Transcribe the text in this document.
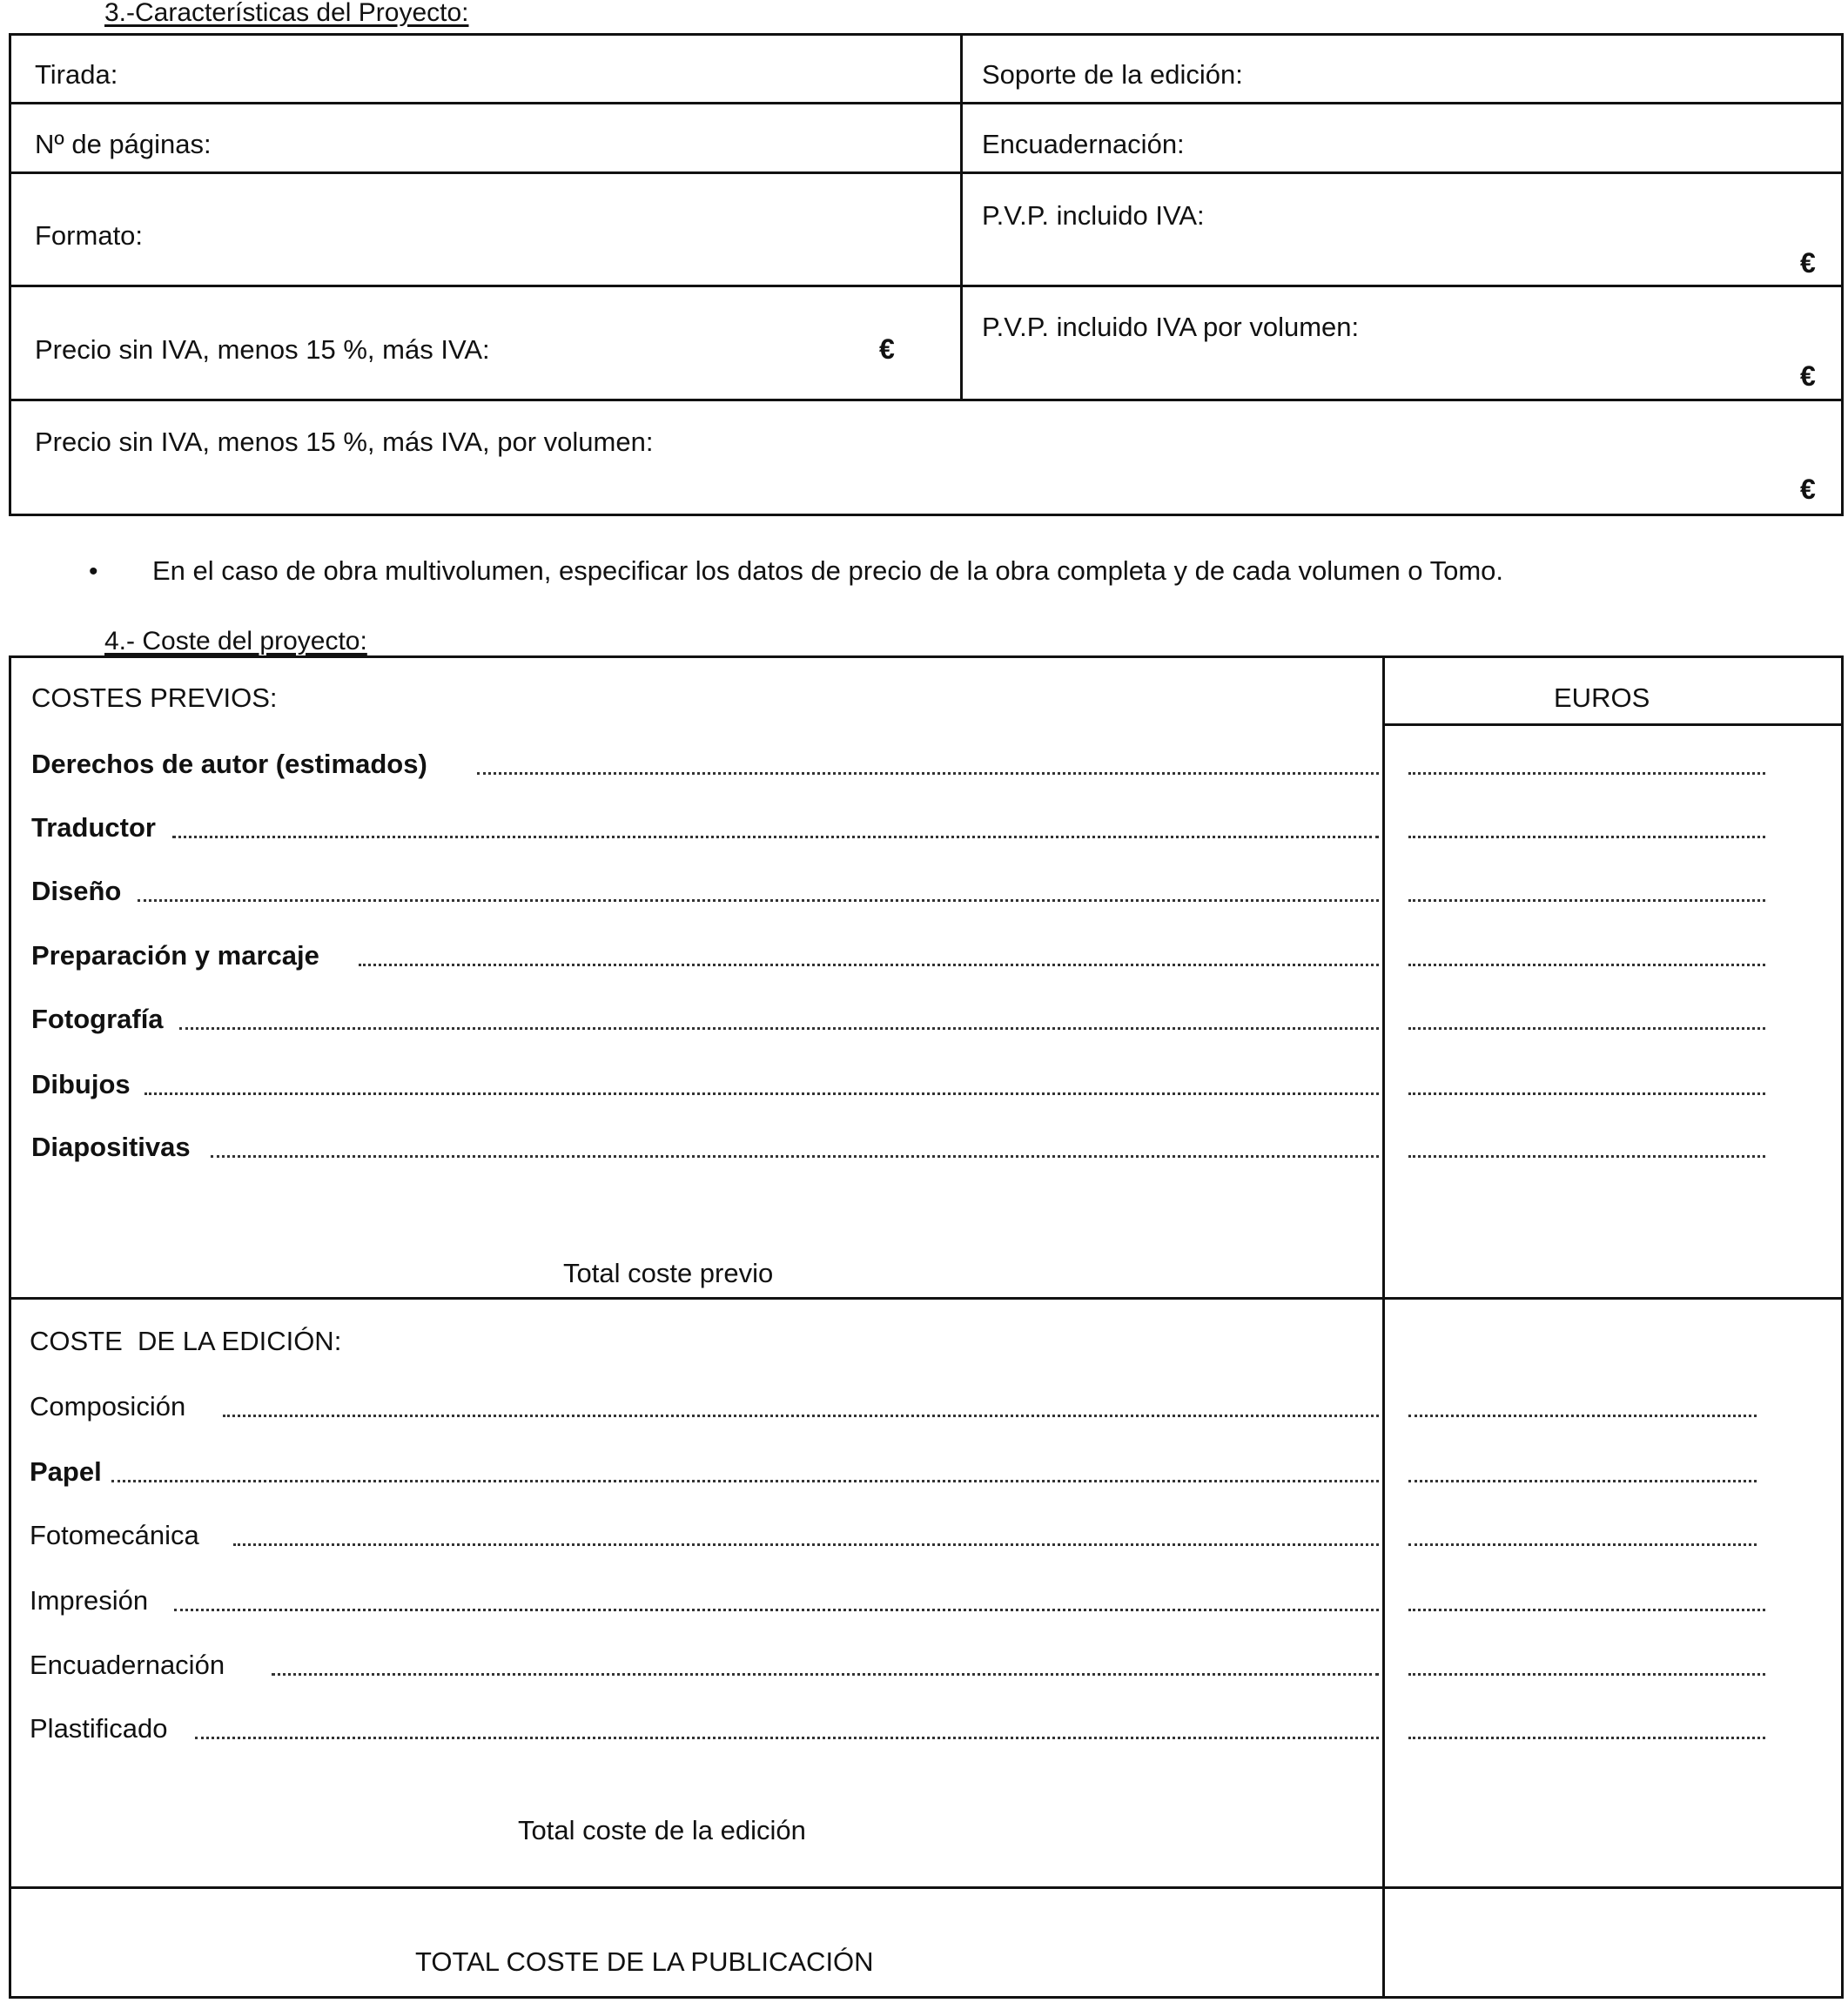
3.-Características del Proyecto:
Tirada:
Nº de páginas:
Formato:
Precio sin IVA, menos 15 %, más IVA:	€
Soporte de la edición:
Encuadernación:
P.V.P. incluido IVA:
€
P.V.P. incluido IVA por volumen:
€
Precio sin IVA, menos 15 %, más IVA, por volumen:
€
• En el caso de obra multivolumen, especificar los datos de precio de la obra completa y de cada volumen o Tomo.
4.- Coste del proyecto:
EUROS
COSTES PREVIOS:
Derechos de autor (estimados)
Traductor
Diseño
Preparación y marcaje
Fotografía
Dibujos
Diapositivas
Total coste previo
COSTE  DE LA EDICIÓN:
Composición
Papel
Fotomecánica
Impresión
Encuadernación
Plastificado
Total coste de la edición
TOTAL COSTE DE LA PUBLICACIÓN
